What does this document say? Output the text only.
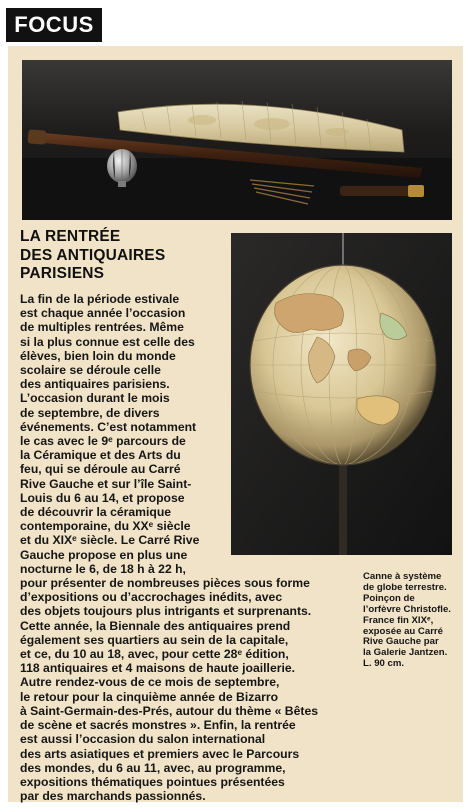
FOCUS
LA RENTRÉE
DES ANTIQUAIRES
PARISIENS
La fin de la période estivale
est chaque année l’occasion
de multiples rentrées. Même
si la plus connue est celle des
élèves, bien loin du monde
scolaire se déroule celle
des antiquaires parisiens.
L’occasion durant le mois
de septembre, de divers
événements. C’est notamment
le cas avec le 9ᵉ parcours de
la Céramique et des Arts du
feu, qui se déroule au Carré
Rive Gauche et sur l’île Saint-
Louis du 6 au 14, et propose
de découvrir la céramique
contemporaine, du XXᵉ siècle
et du XIXᵉ siècle. Le Carré Rive
Gauche propose en plus une
nocturne le 6, de 18 h à 22 h,
pour présenter de nombreuses pièces sous forme
d’expositions ou d’accrochages inédits, avec
des objets toujours plus intrigants et surprenants.
Cette année, la Biennale des antiquaires prend
également ses quartiers au sein de la capitale,
et ce, du 10 au 18, avec, pour cette 28ᵉ édition,
118 antiquaires et 4 maisons de haute joaillerie.
Autre rendez-vous de ce mois de septembre,
le retour pour la cinquième année de Bizarro
à Saint-Germain-des-Prés, autour du thème « Bêtes
de scène et sacrés monstres ». Enfin, la rentrée
est aussi l’occasion du salon international
des arts asiatiques et premiers avec le Parcours
des mondes, du 6 au 11, avec, au programme,
expositions thématiques pointues présentées
par des marchands passionnés.
Canne à système
de globe terrestre.
Poinçon de
l’orfèvre Christofle.
France fin XIXᵉ,
exposée au Carré
Rive Gauche par
la Galerie Jantzen.
L. 90 cm.
